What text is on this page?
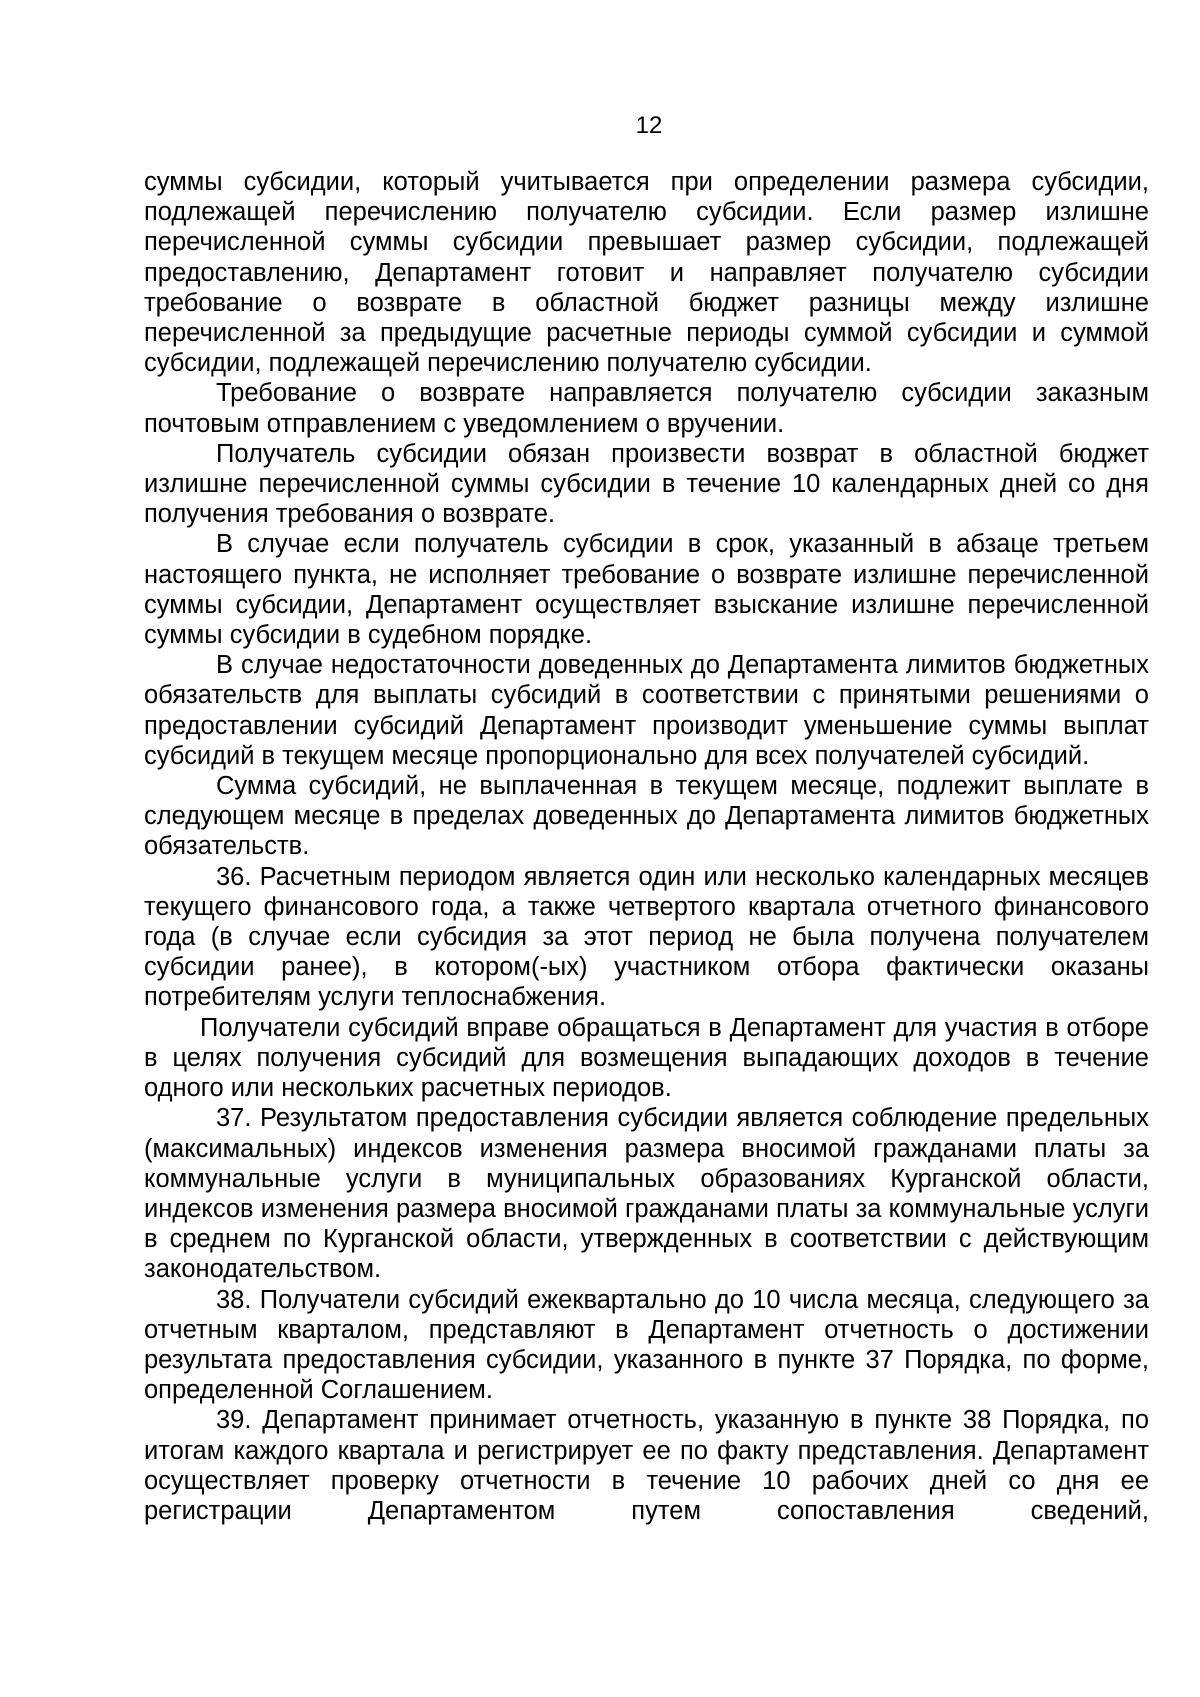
12

суммы субсидии, который учитывается при определении размера субсидии, подлежащей перечислению получателю субсидии. Если размер излишне перечисленной суммы субсидии превышает размер субсидии, подлежащей предоставлению, Департамент готовит и направляет получателю субсидии требование о возврате в областной бюджет разницы между излишне перечисленной за предыдущие расчетные периоды суммой субсидии и суммой субсидии, подлежащей перечислению получателю субсидии.

Требование о возврате направляется получателю субсидии заказным почтовым отправлением с уведомлением о вручении.

Получатель субсидии обязан произвести возврат в областной бюджет излишне перечисленной суммы субсидии в течение 10 календарных дней со дня получения требования о возврате.

В случае если получатель субсидии в срок, указанный в абзаце третьем настоящего пункта, не исполняет требование о возврате излишне перечисленной суммы субсидии, Департамент осуществляет взыскание излишне перечисленной суммы субсидии в судебном порядке.

В случае недостаточности доведенных до Департамента лимитов бюджетных обязательств для выплаты субсидий в соответствии с принятыми решениями о предоставлении субсидий Департамент производит уменьшение суммы выплат субсидий в текущем месяце пропорционально для всех получателей субсидий.

Сумма субсидий, не выплаченная в текущем месяце, подлежит выплате в следующем месяце в пределах доведенных до Департамента лимитов бюджетных обязательств.

36. Расчетным периодом является один или несколько календарных месяцев текущего финансового года, а также четвертого квартала отчетного финансового года (в случае если субсидия за этот период не была получена получателем субсидии ранее), в котором(-ых) участником отбора фактически оказаны потребителям услуги теплоснабжения.

Получатели субсидий вправе обращаться в Департамент для участия в отборе в целях получения субсидий для возмещения выпадающих доходов в течение одного или нескольких расчетных периодов.

37. Результатом предоставления субсидии является соблюдение предельных (максимальных) индексов изменения размера вносимой гражданами платы за коммунальные услуги в муниципальных образованиях Курганской области, индексов изменения размера вносимой гражданами платы за коммунальные услуги в среднем по Курганской области, утвержденных в соответствии с действующим законодательством.

38. Получатели субсидий ежеквартально до 10 числа месяца, следующего за отчетным кварталом, представляют в Департамент отчетность о достижении результата предоставления субсидии, указанного в пункте 37 Порядка, по форме, определенной Соглашением.

39. Департамент принимает отчетность, указанную в пункте 38 Порядка, по итогам каждого квартала и регистрирует ее по факту представления. Департамент осуществляет проверку отчетности в течение 10 рабочих дней со дня ее регистрации Департаментом путем сопоставления сведений,
